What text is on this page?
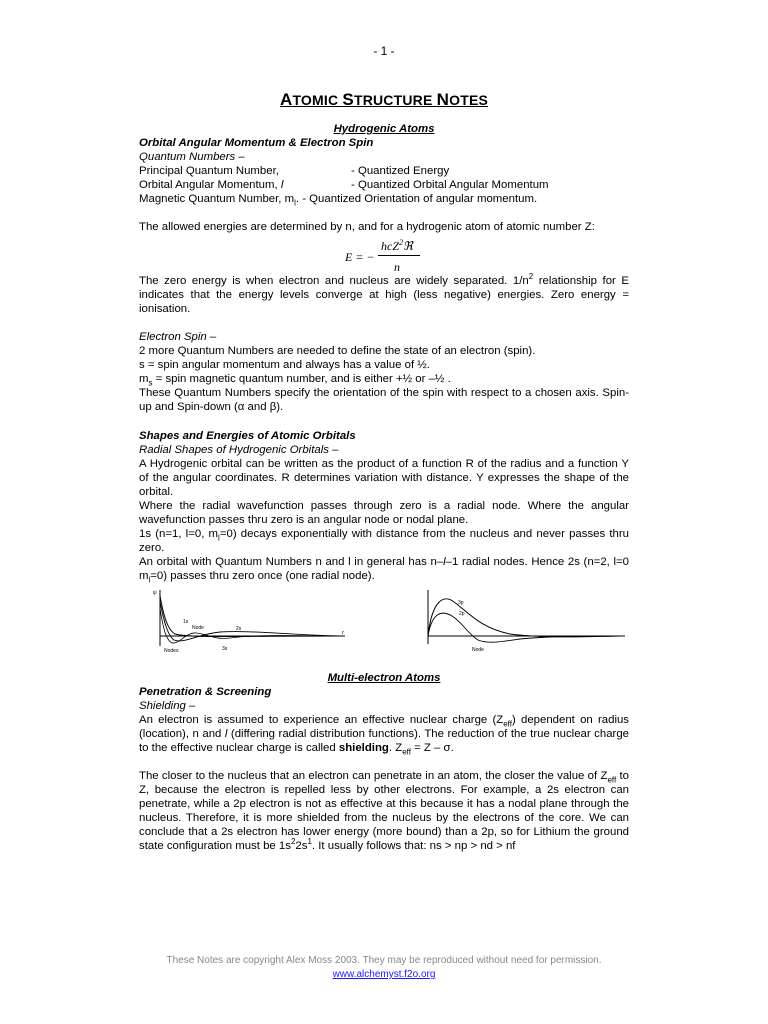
- 1 -
ATOMIC STRUCTURE NOTES
Hydrogenic Atoms
Orbital Angular Momentum & Electron Spin
Quantum Numbers –
Principal Quantum Number,	- Quantized Energy
Orbital Angular Momentum, l	- Quantized Orbital Angular Momentum
Magnetic Quantum Number, $m_l$. - Quantized Orientation of angular momentum.
The allowed energies are determined by n, and for a hydrogenic atom of atomic number Z:
E = −
hcZ$^2$ℜ
n
The zero energy is when electron and nucleus are widely separated. $1/n^2$ relationship for E indicates that the energy levels converge at high (less negative) energies. Zero energy = ionisation.
Electron Spin –
2 more Quantum Numbers are needed to define the state of an electron (spin).
s = spin angular momentum and always has a value of ½.
$m_s$ = spin magnetic quantum number, and is either +½ or –½ .
These Quantum Numbers specify the orientation of the spin with respect to a chosen axis. Spin-up and Spin-down (α and β).
Shapes and Energies of Atomic Orbitals
Radial Shapes of Hydrogenic Orbitals –
A Hydrogenic orbital can be written as the product of a function R of the radius and a function Y of the angular coordinates. R determines variation with distance. Y expresses the shape of the orbital.
Where the radial wavefunction passes through zero is a radial node. Where the angular wavefunction passes thru zero is an angular node or nodal plane.
1s (n=1, l=0, $m_l=0$) decays exponentially with distance from the nucleus and never passes thru zero.
An orbital with Quantum Numbers n and l in general has n–l–1 radial nodes. Hence 2s (n=2, l=0 $m_l=0$) passes thru zero once (one radial node).
ψ
1s
Node	2s
3s
Nodes
r
3p
2p
Node
Multi-electron Atoms
Penetration & Screening
Shielding –
An electron is assumed to experience an effective nuclear charge $(Z_{eff})$ dependent on radius (location), n and l (differing radial distribution functions). The reduction of the true nuclear charge to the effective nuclear charge is called shielding. $Z_{eff} = Z - \sigma$.
The closer to the nucleus that an electron can penetrate in an atom, the closer the value of $Z_{eff}$ to Z, because the electron is repelled less by other electrons. For example, a 2s electron can penetrate, while a 2p electron is not as effective at this because it has a nodal plane through the nucleus. Therefore, it is more shielded from the nucleus by the electrons of the core. We can conclude that a 2s electron has lower energy (more bound) than a 2p, so for Lithium the ground state configuration must be $1s^22s^1$. It usually follows that: ns > np > nd > nf
These Notes are copyright Alex Moss 2003. They may be reproduced without need for permission.
www.alchemyst.f2o.org
